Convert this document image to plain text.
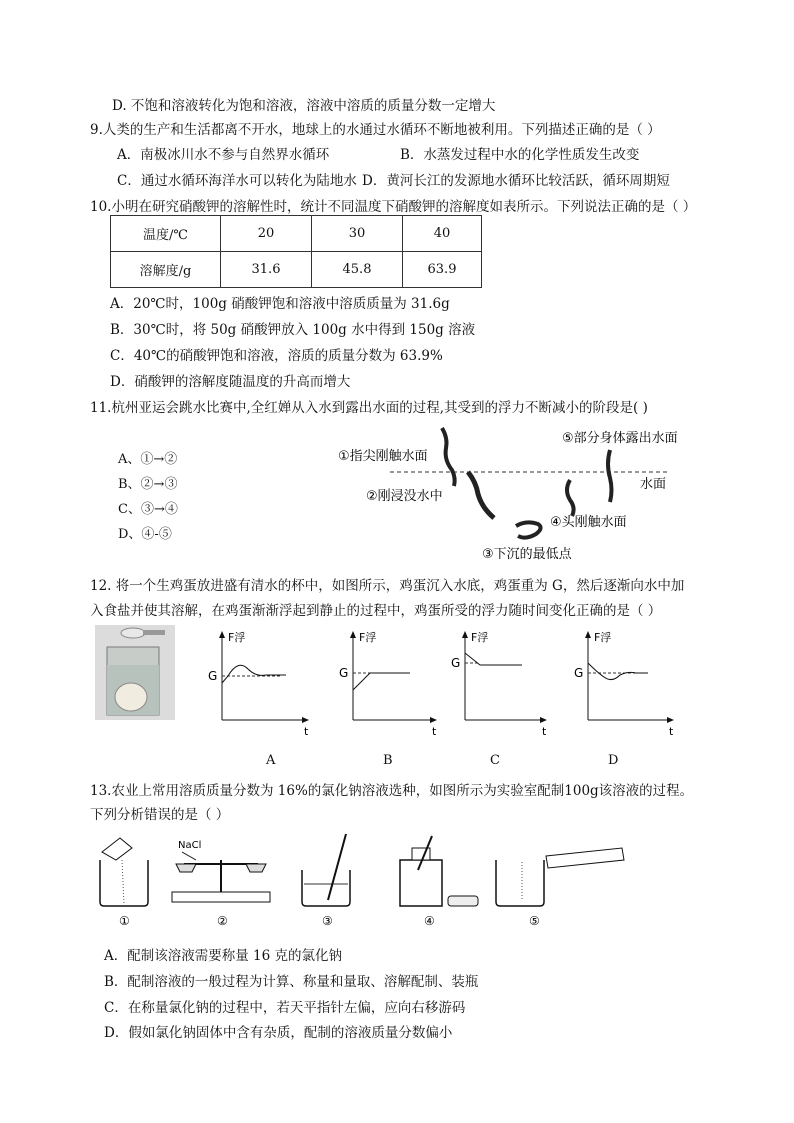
D. 不饱和溶液转化为饱和溶液，溶液中溶质的质量分数一定增大
9.人类的生产和生活都离不开水，地球上的水通过水循环不断地被利用。下列描述正确的是（ ）
A．南极冰川水不参与自然界水循环	B．水蒸发过程中水的化学性质发生改变
C．通过水循环海洋水可以转化为陆地水 D．黄河长江的发源地水循环比较活跃，循环周期短
10.小明在研究硝酸钾的溶解性时，统计不同温度下硝酸钾的溶解度如表所示。下列说法正确的是（ ）
温度/℃	20	30	40
溶解度/g	31.6	45.8	63.9
A．20℃时，100g 硝酸钾饱和溶液中溶质质量为 31.6g
B．30℃时，将 50g 硝酸钾放入 100g 水中得到 150g 溶液
C．40℃的硝酸钾饱和溶液，溶质的质量分数为 63.9%
D．硝酸钾的溶解度随温度的升高而增大
11.杭州亚运会跳水比赛中,全红婵从入水到露出水面的过程,其受到的浮力不断减小的阶段是( )
A、①→②
B、②→③
C、③→④
D、④-⑤
①指尖刚触水面
②刚浸没水中
③下沉的最低点
④头刚触水面
⑤部分身体露出水面
水面
12. 将一个生鸡蛋放进盛有清水的杯中，如图所示，鸡蛋沉入水底，鸡蛋重为 G，然后逐渐向水中加
入食盐并使其溶解，在鸡蛋渐渐浮起到静止的过程中，鸡蛋所受的浮力随时间变化正确的是（ ）
F浮
G
t
F浮
G
t
F浮
G
t
F浮
G
t
A	B	C	D
13.农业上常用溶质质量分数为 16%的氯化钠溶液选种，如图所示为实验室配制100g该溶液的过程。
下列分析错误的是（ ）
①
NaCl
②	③	④	⑤
A．配制该溶液需要称量 16 克的氯化钠
B．配制溶液的一般过程为计算、称量和量取、溶解配制、装瓶
C．在称量氯化钠的过程中，若天平指针左偏，应向右移游码
D．假如氯化钠固体中含有杂质，配制的溶液质量分数偏小
